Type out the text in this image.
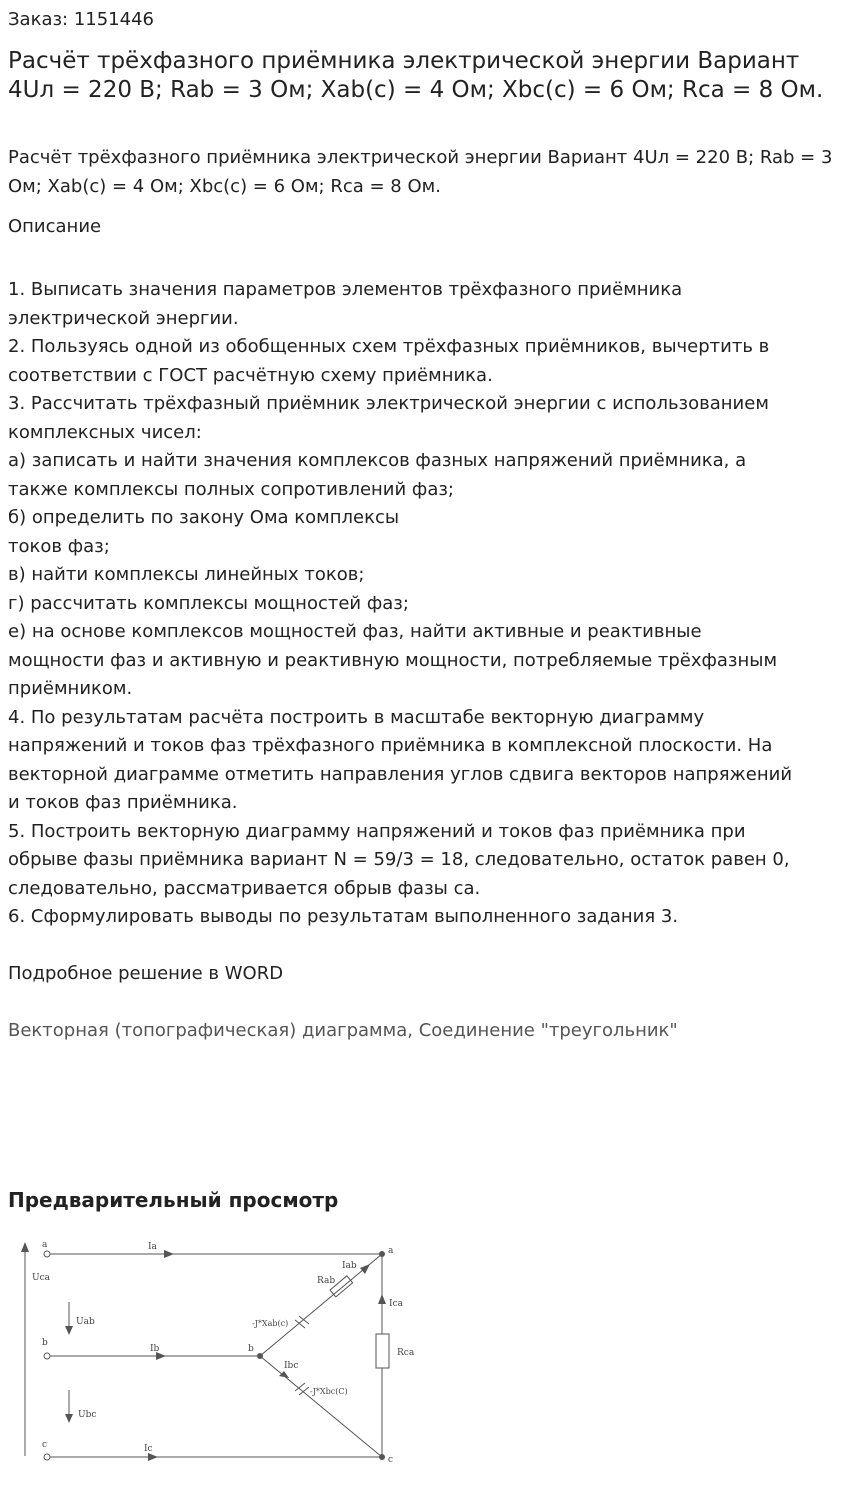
Заказ: 1151446
Расчёт трёхфазного приёмника электрической энергии Вариант 4Uл = 220 В; Rab = 3 Ом; Xab(c) = 4 Ом; Xbc(c) = 6 Ом; Rca = 8 Ом.

Расчёт трёхфазного приёмника электрической энергии Вариант 4Uл = 220 В; Rab = 3 Ом; Xab(c) = 4 Ом; Xbc(c) = 6 Ом; Rca = 8 Ом.

Описание
1. Выписать значения параметров элементов трёхфазного приёмника
электрической энергии.
2. Пользуясь одной из обобщенных схем трёхфазных приёмников, вычертить в
соответствии с ГОСТ расчётную схему приёмника.
3. Рассчитать трёхфазный приёмник электрической энергии с использованием
комплексных чисел:
а) записать и найти значения комплексов фазных напряжений приёмника, а
также комплексы полных сопротивлений фаз;
б) определить по закону Ома комплексы
токов фаз;
в) найти комплексы линейных токов;
г) рассчитать комплексы мощностей фаз;
е) на основе комплексов мощностей фаз, найти активные и реактивные
мощности фаз и активную и реактивную мощности, потребляемые трёхфазным
приёмником.
4. По результатам расчёта построить в масштабе векторную диаграмму
напряжений и токов фаз трёхфазного приёмника в комплексной плоскости. На
векторной диаграмме отметить направления углов сдвига векторов напряжений
и токов фаз приёмника.
5. Построить векторную диаграмму напряжений и токов фаз приёмника при
обрыве фазы приёмника вариант N = 59/3 = 18, следовательно, остаток равен 0,
следовательно, рассматривается обрыв фазы са.
6. Сформулировать выводы по результатам выполненного задания 3.
Подробное решение в WORD
Векторная (топографическая) диаграмма, Соединение "треугольник"
Предварительный просмотр
a
b
c
a
b
c
Ia
Ib
Ic
Iab
Ibc
Ica
Uca
Uab
Ubc
Rab
Rca
-J*Xab(c)
-J*Xbc(C)
